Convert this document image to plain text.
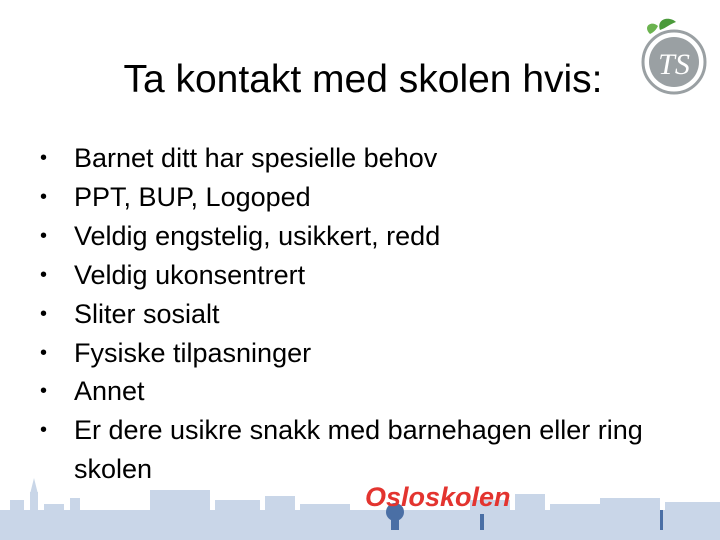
TS
Ta kontakt med skolen hvis:
Osloskolen
• Barnet ditt har spesielle behov
• PPT, BUP, Logoped
• Veldig engstelig, usikkert, redd
• Veldig ukonsentrert
• Sliter sosialt
• Fysiske tilpasninger
• Annet
• Er dere usikre snakk med barnehagen eller ring skolen
